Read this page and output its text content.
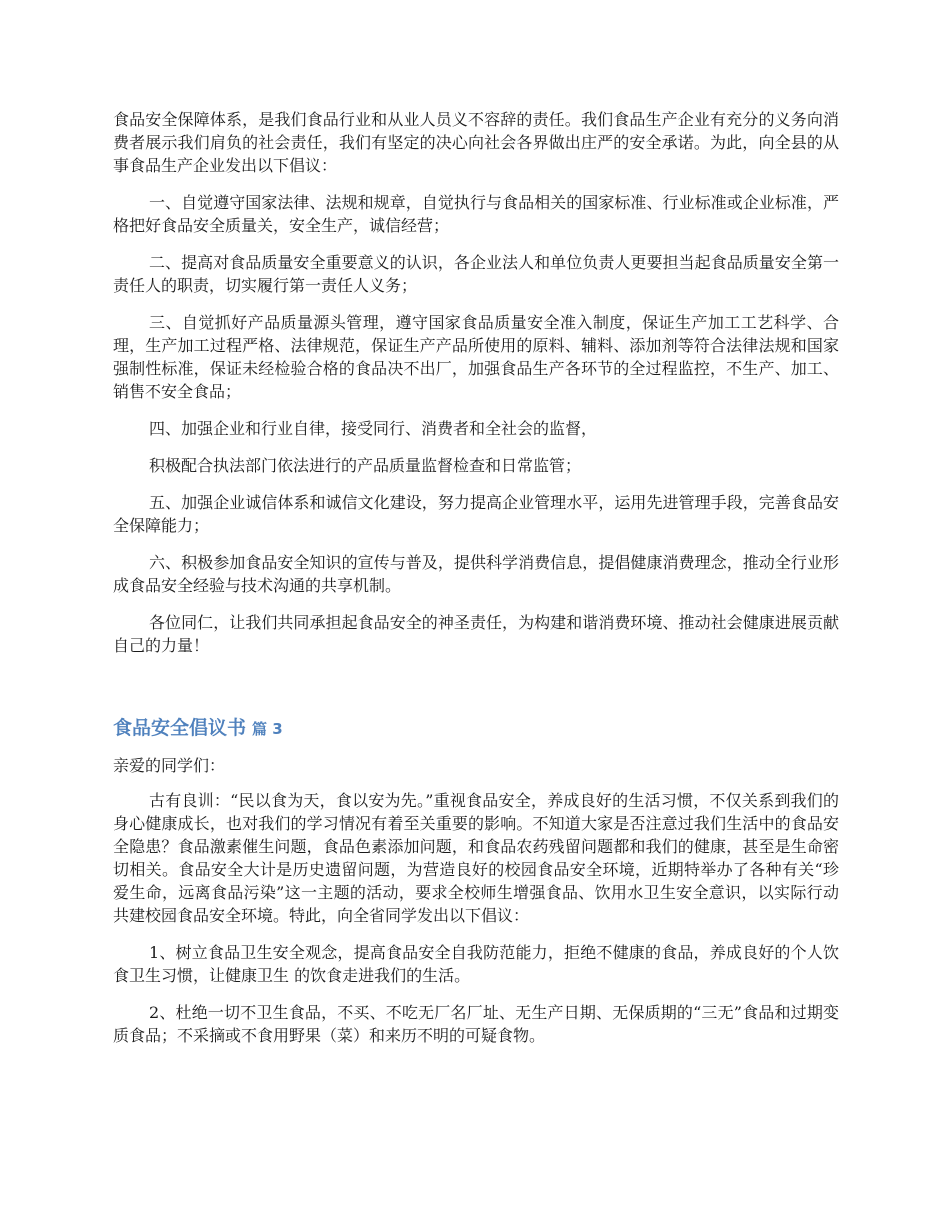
食品安全保障体系，是我们食品行业和从业人员义不容辞的责任。我们食品生产企业有充分的义务向消费者展示我们肩负的社会责任，我们有坚定的决心向社会各界做出庄严的安全承诺。为此，向全县的从事食品生产企业发出以下倡议：

一、自觉遵守国家法律、法规和规章，自觉执行与食品相关的国家标准、行业标准或企业标准，严格把好食品安全质量关，安全生产，诚信经营；

二、提高对食品质量安全重要意义的认识，各企业法人和单位负责人更要担当起食品质量安全第一责任人的职责，切实履行第一责任人义务；

三、自觉抓好产品质量源头管理，遵守国家食品质量安全准入制度，保证生产加工工艺科学、合理，生产加工过程严格、法律规范，保证生产产品所使用的原料、辅料、添加剂等符合法律法规和国家强制性标准，保证未经检验合格的食品决不出厂，加强食品生产各环节的全过程监控，不生产、加工、销售不安全食品；

四、加强企业和行业自律，接受同行、消费者和全社会的监督，

积极配合执法部门依法进行的产品质量监督检查和日常监管；

五、加强企业诚信体系和诚信文化建设，努力提高企业管理水平，运用先进管理手段，完善食品安全保障能力；

六、积极参加食品安全知识的宣传与普及，提供科学消费信息，提倡健康消费理念，推动全行业形成食品安全经验与技术沟通的共享机制。

各位同仁，让我们共同承担起食品安全的神圣责任，为构建和谐消费环境、推动社会健康进展贡献自己的力量！

食品安全倡议书 篇 3

亲爱的同学们：

古有良训：“民以食为天，食以安为先。”重视食品安全，养成良好的生活习惯，不仅关系到我们的身心健康成长，也对我们的学习情况有着至关重要的影响。不知道大家是否注意过我们生活中的食品安全隐患？食品激素催生问题，食品色素添加问题，和食品农药残留问题都和我们的健康，甚至是生命密切相关。食品安全大计是历史遗留问题，为营造良好的校园食品安全环境，近期特举办了各种有关“珍爱生命，远离食品污染”这一主题的活动，要求全校师生增强食品、饮用水卫生安全意识，以实际行动共建校园食品安全环境。特此，向全省同学发出以下倡议：

1、树立食品卫生安全观念，提高食品安全自我防范能力，拒绝不健康的食品，养成良好的个人饮食卫生习惯，让健康卫生 的饮食走进我们的生活。

2、杜绝一切不卫生食品，不买、不吃无厂名厂址、无生产日期、无保质期的“三无”食品和过期变质食品；不采摘或不食用野果（菜）和来历不明的可疑食物。
